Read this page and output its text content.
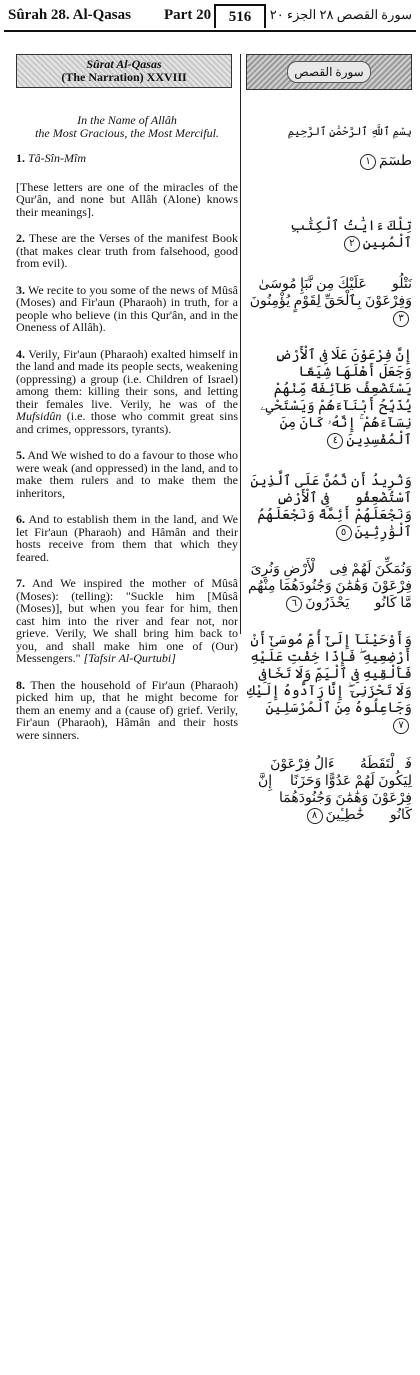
Sûrah 28. Al-Qasas Part 20	516	سورة القصص ٢٨ الجزء ٢٠
Sûrat Al-Qasas
(The Narration) XXVIII
In the Name of Allâh
the Most Gracious, the Most Merciful.
1. Tâ-Sîn-Mîm
[These letters are one of the miracles of the Qur'ân, and none but Allâh (Alone) knows their meanings].
2. These are the Verses of the manifest Book (that makes clear truth from falsehood, good from evil).
3. We recite to you some of the news of Mûsâ (Moses) and Fir'aun (Pharaoh) in truth, for a people who believe (in this Qur'ân, and in the Oneness of Allâh).
4. Verily, Fir'aun (Pharaoh) exalted himself in the land and made its people sects, weakening (oppressing) a group (i.e. Children of Israel) among them: killing their sons, and letting their females live. Verily, he was of the Mufsidûn (i.e. those who commit great sins and crimes, oppressors, tyrants).
5. And We wished to do a favour to those who were weak (and oppressed) in the land, and to make them rulers and to make them the inheritors,
6. And to establish them in the land, and We let Fir'aun (Pharaoh) and Hâmân and their hosts receive from them that which they feared.
7. And We inspired the mother of Mûsâ (Moses): (telling): "Suckle him [Mûsâ (Moses)], but when you fear for him, then cast him into the river and fear not, nor grieve. Verily, We shall bring him back to you, and shall make him one of (Our) Messengers." [Tafsir Al-Qurtubi]
8. Then the household of Fir'aun (Pharaoh) picked him up, that he might become for them an enemy and a (cause of) grief. Verily, Fir'aun (Pharaoh), Hâmân and their hosts were sinners.
سورة القصص
بِسْمِ ٱللَّهِ ٱلرَّحْمَٰنِ ٱلرَّحِيمِ
طسٓمٓ١
تِلْكَ ءَايَٰتُ ٱلْكِتَٰبِ ٱلْمُبِينِ٢
نَتْلُوا۟ عَلَيْكَ مِن نَّبَإِ مُوسَىٰ وَفِرْعَوْنَ بِٱلْحَقِّ لِقَوْمٍ يُؤْمِنُونَ٣
إِنَّ فِرْعَوْنَ عَلَا فِى ٱلْأَرْضِ وَجَعَلَ أَهْلَهَا شِيَعًا يَسْتَضْعِفُ طَآئِفَةً مِّنْهُمْ يُذَبِّحُ أَبْنَآءَهُمْ وَيَسْتَحْىِۦ نِسَآءَهُمْ ۚ إِنَّهُۥ كَانَ مِنَ ٱلْمُفْسِدِينَ٤
وَنُرِيدُ أَن نَّمُنَّ عَلَى ٱلَّذِينَ ٱسْتُضْعِفُوا۟ فِى ٱلْأَرْضِ وَنَجْعَلَهُمْ أَئِمَّةً وَنَجْعَلَهُمُ ٱلْوَٰرِثِينَ٥
وَنُمَكِّنَ لَهُمْ فِى ٱلْأَرْضِ وَنُرِىَ فِرْعَوْنَ وَهَٰمَٰنَ وَجُنُودَهُمَا مِنْهُم مَّا كَانُوا۟ يَحْذَرُونَ٦
وَأَوْحَيْنَآ إِلَىٰٓ أُمِّ مُوسَىٰٓ أَنْ أَرْضِعِيهِ ۖ فَإِذَا خِفْتِ عَلَيْهِ فَأَلْقِيهِ فِى ٱلْيَمِّ وَلَا تَخَافِى وَلَا تَحْزَنِىٓ ۖ إِنَّا رَآدُّوهُ إِلَيْكِ وَجَاعِلُوهُ مِنَ ٱلْمُرْسَلِينَ٧
فَٱلْتَقَطَهُۥٓ ءَالُ فِرْعَوْنَ لِيَكُونَ لَهُمْ عَدُوًّا وَحَزَنًا ۗ إِنَّ فِرْعَوْنَ وَهَٰمَٰنَ وَجُنُودَهُمَا كَانُوا۟ خَٰطِـِٔينَ٨
